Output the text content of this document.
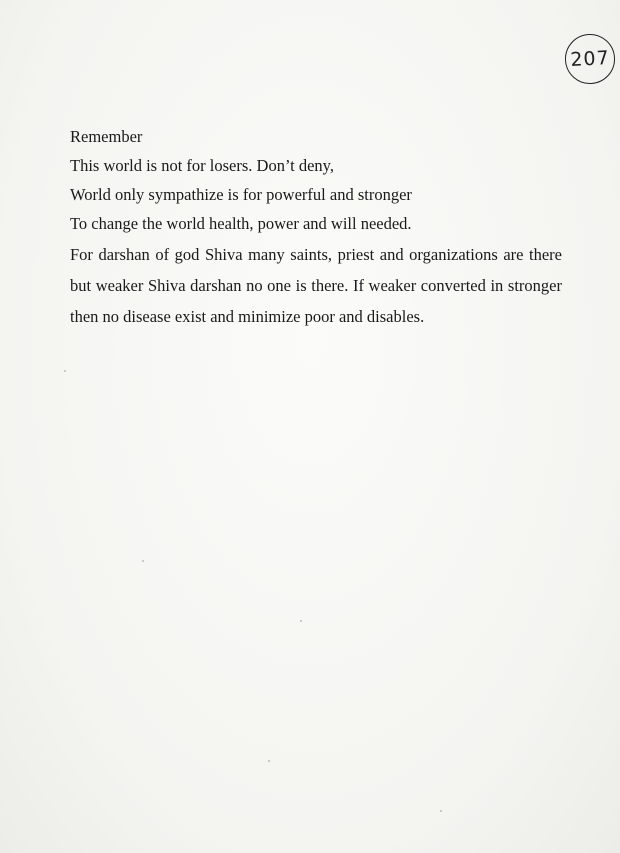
207
Remember
This world is not for losers. Don’t deny,
World only sympathize is for powerful and stronger
To change the world health, power and will needed.
For darshan of god Shiva many saints, priest and organizations are there but weaker Shiva darshan no one is there. If weaker converted in stronger then no disease exist and minimize poor and disables.
